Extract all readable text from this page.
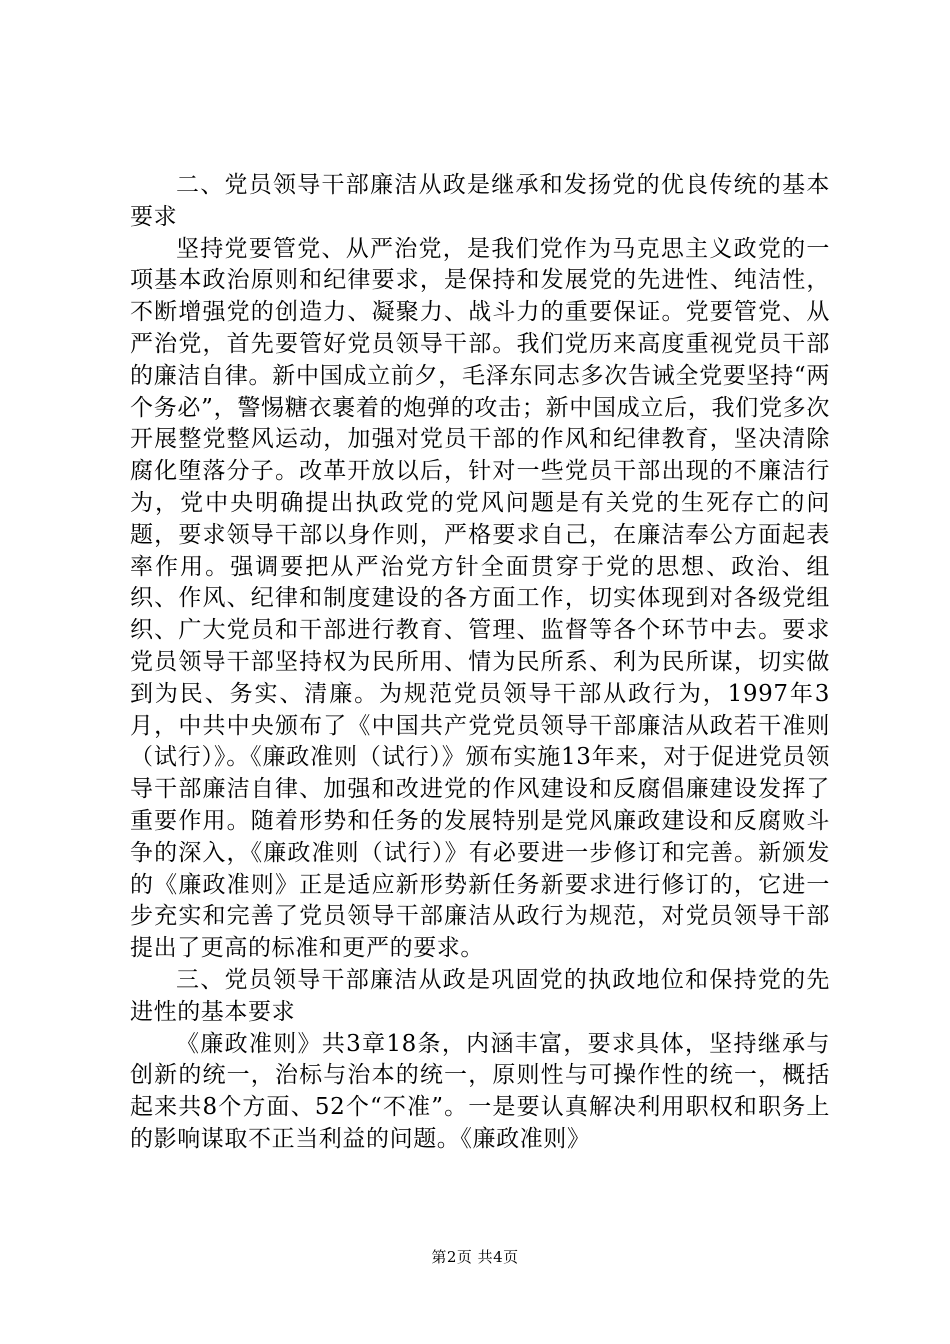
二、党员领导干部廉洁从政是继承和发扬党的优良传统的基本要求

坚持党要管党、从严治党，是我们党作为马克思主义政党的一项基本政治原则和纪律要求，是保持和发展党的先进性、纯洁性，不断增强党的创造力、凝聚力、战斗力的重要保证。党要管党、从严治党，首先要管好党员领导干部。我们党历来高度重视党员干部的廉洁自律。新中国成立前夕，毛泽东同志多次告诫全党要坚持“两个务必”，警惕糖衣裹着的炮弹的攻击；新中国成立后，我们党多次开展整党整风运动，加强对党员干部的作风和纪律教育，坚决清除腐化堕落分子。改革开放以后，针对一些党员干部出现的不廉洁行为，党中央明确提出执政党的党风问题是有关党的生死存亡的问题，要求领导干部以身作则，严格要求自己，在廉洁奉公方面起表率作用。强调要把从严治党方针全面贯穿于党的思想、政治、组织、作风、纪律和制度建设的各方面工作，切实体现到对各级党组织、广大党员和干部进行教育、管理、监督等各个环节中去。要求党员领导干部坚持权为民所用、情为民所系、利为民所谋，切实做到为民、务实、清廉。为规范党员领导干部从政行为，1997年3月，中共中央颁布了《中国共产党党员领导干部廉洁从政若干准则（试行）》。《廉政准则（试行）》颁布实施13年来，对于促进党员领导干部廉洁自律、加强和改进党的作风建设和反腐倡廉建设发挥了重要作用。随着形势和任务的发展特别是党风廉政建设和反腐败斗争的深入，《廉政准则（试行）》有必要进一步修订和完善。新颁发的《廉政准则》正是适应新形势新任务新要求进行修订的，它进一步充实和完善了党员领导干部廉洁从政行为规范，对党员领导干部提出了更高的标准和更严的要求。

三、党员领导干部廉洁从政是巩固党的执政地位和保持党的先进性的基本要求

《廉政准则》共3章18条，内涵丰富，要求具体，坚持继承与创新的统一，治标与治本的统一，原则性与可操作性的统一，概括起来共8个方面、52个“不准”。一是要认真解决利用职权和职务上的影响谋取不正当利益的问题。《廉政准则》

第2页 共4页
